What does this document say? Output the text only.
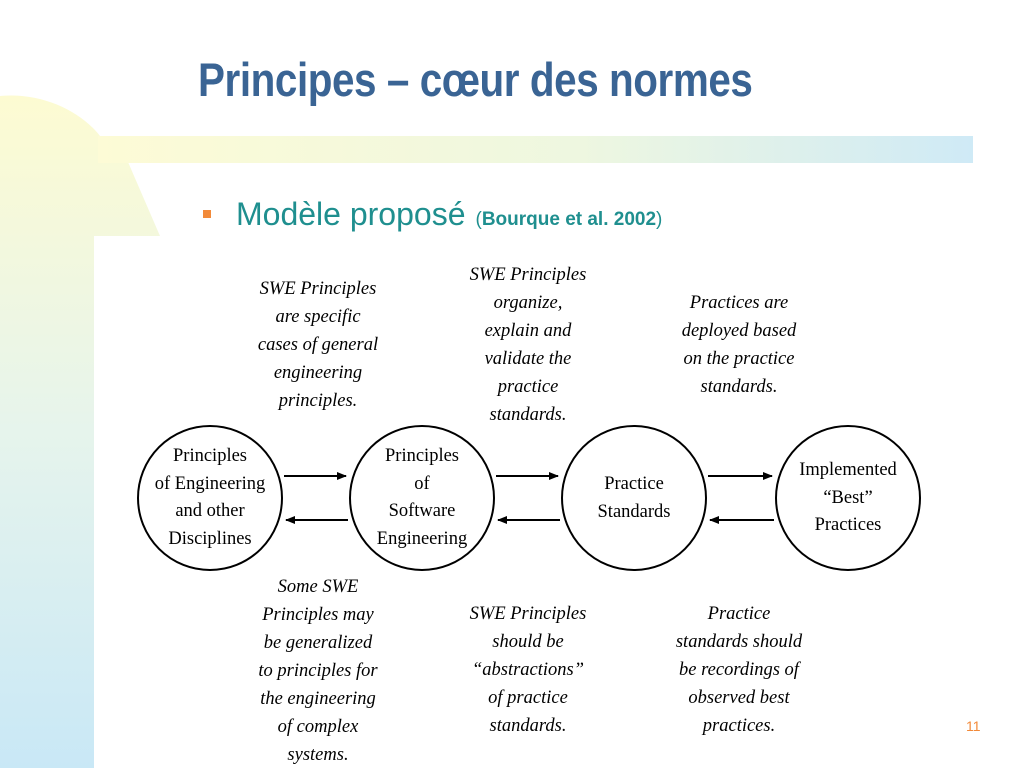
Principes – cœur des normes
Modèle proposé (Bourque et al. 2002)
Principles
of Engineering
and other
Disciplines
Principles
of
Software
Engineering
Practice
Standards
Implemented
“Best”
Practices
SWE Principles
are specific
cases of general
engineering
principles.
SWE Principles
organize,
explain and
validate the
practice
standards.
Practices are
deployed based
on the practice
standards.
Some SWE
Principles may
be generalized
to principles for
the engineering
of complex
systems.
SWE Principles
should be
“abstractions”
of practice
standards.
Practice
standards should
be recordings of
observed best
practices.	11
